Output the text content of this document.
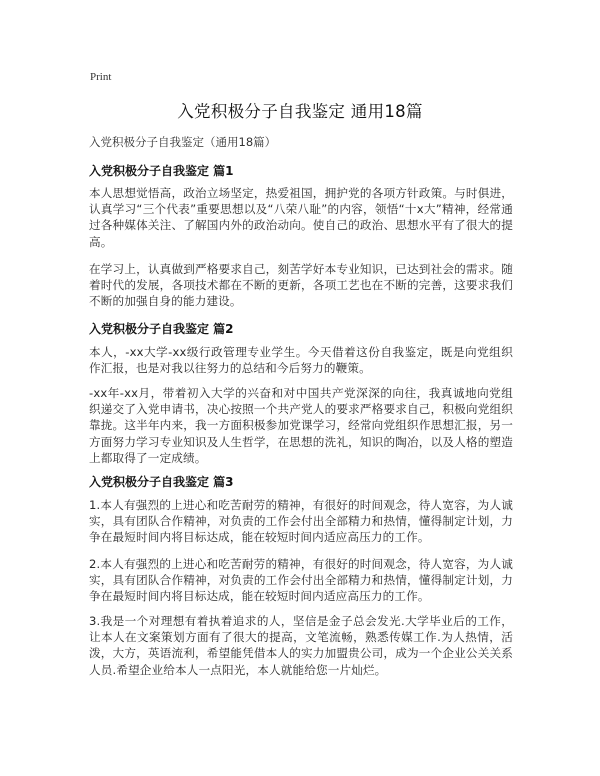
Print
入党积极分子自我鉴定 通用18篇
入党积极分子自我鉴定（通用18篇）
入党积极分子自我鉴定 篇1

本人思想觉悟高，政治立场坚定，热爱祖国，拥护党的各项方针政策。与时俱进，认真学习“三个代表”重要思想以及“八荣八耻”的内容，领悟“十x大”精神，经常通过各种媒体关注、了解国内外的政治动向。使自己的政治、思想水平有了很大的提高。

在学习上，认真做到严格要求自己，刻苦学好本专业知识，已达到社会的需求。随着时代的发展，各项技术都在不断的更新，各项工艺也在不断的完善，这要求我们不断的加强自身的能力建设。

入党积极分子自我鉴定 篇2

本人，-xx大学-xx级行政管理专业学生。今天借着这份自我鉴定，既是向党组织作汇报，也是对我以往努力的总结和今后努力的鞭策。

-xx年-xx月，带着初入大学的兴奋和对中国共产党深深的向往，我真诚地向党组织递交了入党申请书，决心按照一个共产党人的要求严格要求自己，积极向党组织靠拢。这半年内来，我一方面积极参加党课学习，经常向党组织作思想汇报，另一方面努力学习专业知识及人生哲学，在思想的洗礼，知识的陶冶，以及人格的塑造上都取得了一定成绩。

入党积极分子自我鉴定 篇3

1.本人有强烈的上进心和吃苦耐劳的精神，有很好的时间观念，待人宽容，为人诚实，具有团队合作精神，对负责的工作会付出全部精力和热情，懂得制定计划，力争在最短时间内将目标达成，能在较短时间内适应高压力的工作。

2.本人有强烈的上进心和吃苦耐劳的精神，有很好的时间观念，待人宽容，为人诚实，具有团队合作精神，对负责的工作会付出全部精力和热情，懂得制定计划，力争在最短时间内将目标达成，能在较短时间内适应高压力的工作。

3.我是一个对理想有着执着追求的人，坚信是金子总会发光.大学毕业后的工作，让本人在文案策划方面有了很大的提高，文笔流畅，熟悉传媒工作.为人热情，活泼，大方，英语流利，希望能凭借本人的实力加盟贵公司，成为一个企业公关关系人员.希望企业给本人一点阳光，本人就能给您一片灿烂。
